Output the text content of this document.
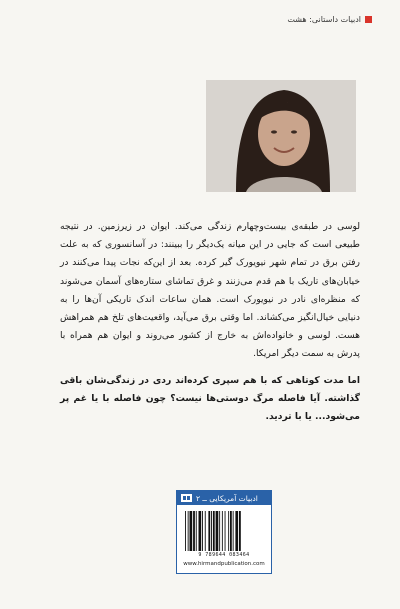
ادبیات داستانی: هشت

لوسی در طبقه‌ی بیست‌وچهارم زندگی می‌کند. ایوان در زیرزمین. در نتیجه طبیعی است که جایی در این میانه یک‌دیگر را ببینند: در آسانسوری که به علت رفتن برق در تمام شهر نیویورک گیر کرده. بعد از این‌که نجات پیدا می‌کنند در خیابان‌های تاریک با هم قدم می‌زنند و غرق تماشای ستاره‌های آسمان می‌شوند که منظره‌ای نادر در نیویورک است. همان ساعات اندک تاریکی آن‌ها را به دنیایی خیال‌انگیز می‌کشاند. اما وقتی برق می‌آید، واقعیت‌های تلخ هم همراهش هست. لوسی و خانواده‌اش به خارج از کشور می‌روند و ایوان هم همراه با پدرش به سمت دیگر امریکا.

اما مدت کوتاهی که با هم سپری کرده‌اند ردی در زندگی‌شان باقی گذاشته. آیا فاصله مرگ دوستی‌ها نیست؟ چون فاصله با یا غم پر می‌شود... یا با تردید.

ادبیات آمریکایی ــ ۲
9 789644 083464
www.hirmandpublication.com
